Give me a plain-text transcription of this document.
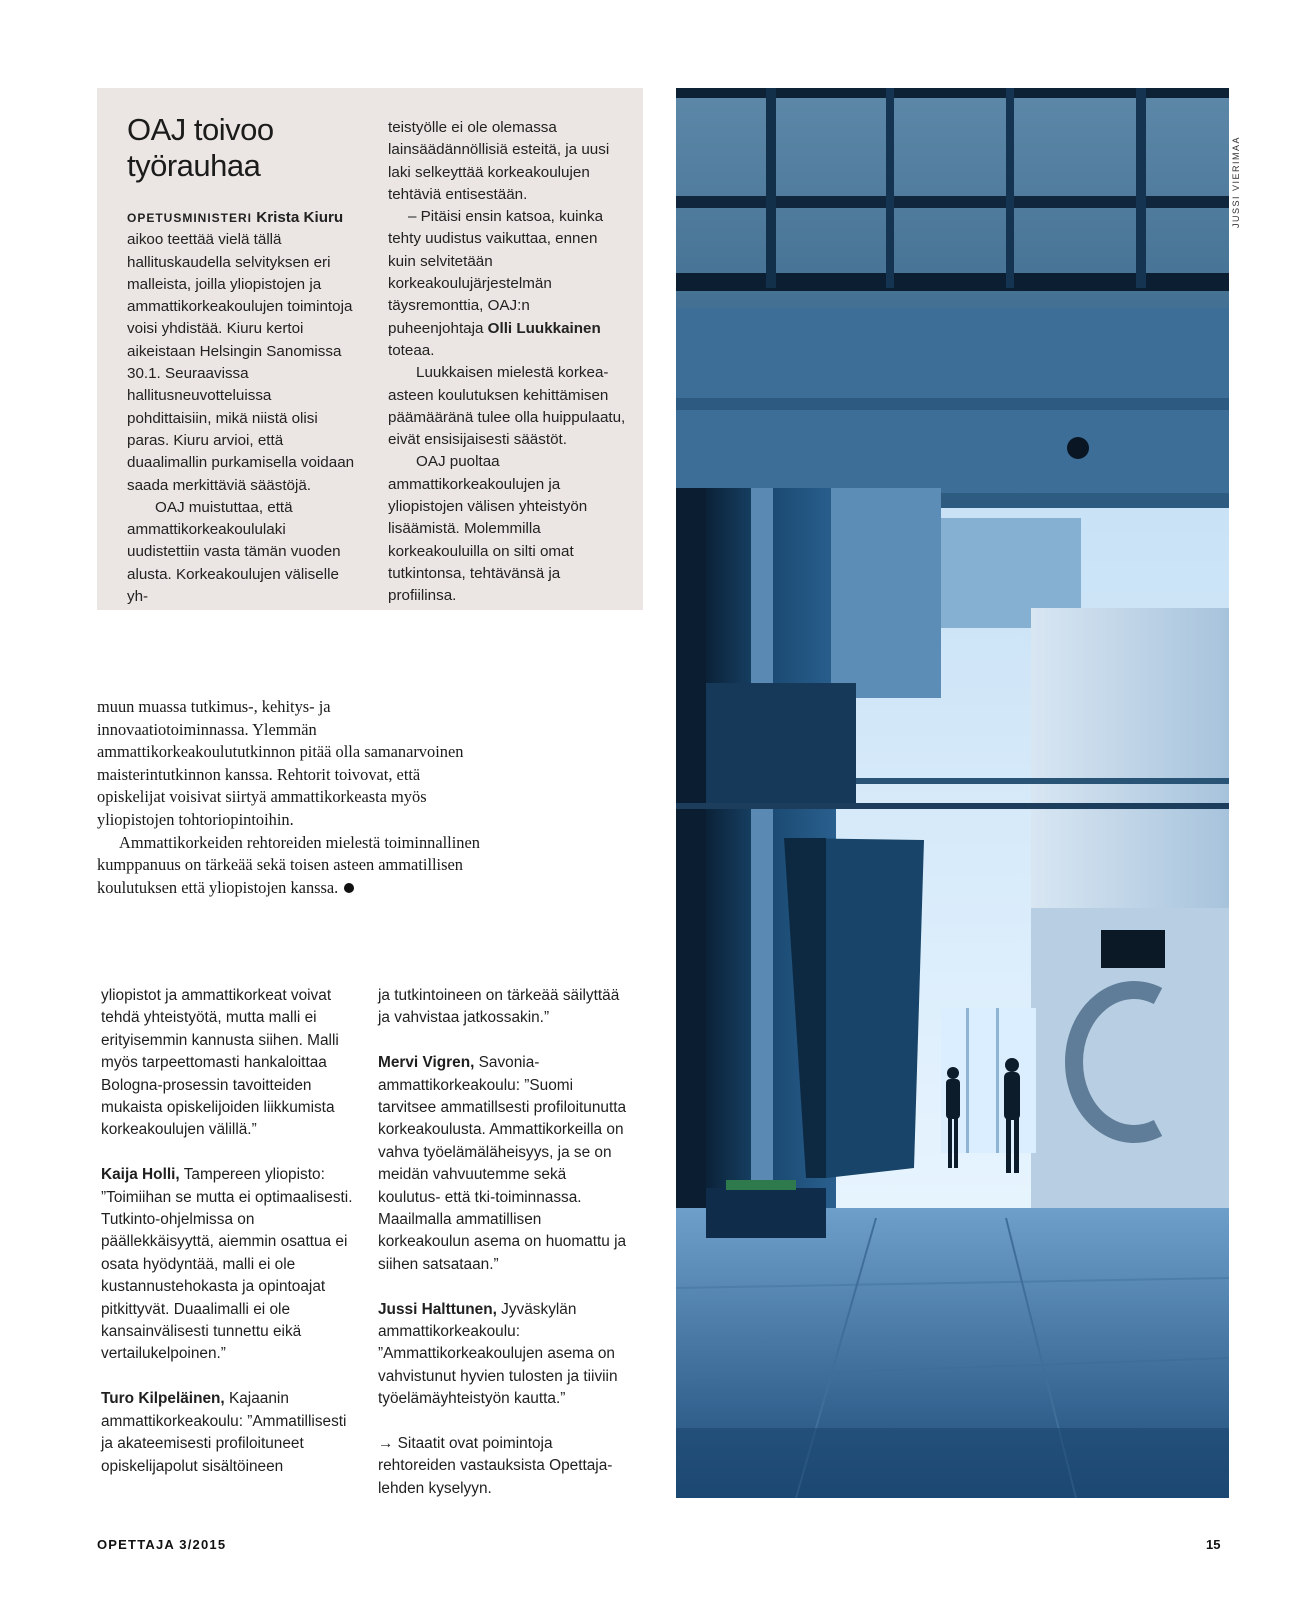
OAJ toivoo työrauhaa

OPETUSMINISTERI Krista Kiuru aikoo teettää vielä tällä hallituskaudella selvityksen eri malleista, joilla yliopistojen ja ammattikorkeakoulujen toimintoja voisi yhdistää. Kiuru kertoi aikeistaan Helsingin Sanomissa 30.1. Seuraavissa hallitusneuvotteluissa pohdittaisiin, mikä niistä olisi paras. Kiuru arvioi, että duaalimallin purkamisella voidaan saada merkittäviä säästöjä.

OAJ muistuttaa, että ammattikorkeakoululaki uudistettiin vasta tämän vuoden alusta. Korkeakoulujen väliselle yh-

teistyölle ei ole olemassa lainsäädännöllisiä esteitä, ja uusi laki selkeyttää korkeakoulujen tehtäviä entisestään.

– Pitäisi ensin katsoa, kuinka tehty uudistus vaikuttaa, ennen kuin selvitetään korkeakoulujärjestelmän täysremonttia, OAJ:n puheenjohtaja Olli Luukkainen toteaa.

Luukkaisen mielestä korkea-asteen koulutuksen kehittämisen päämääränä tulee olla huippulaatu, eivät ensisijaisesti säästöt.

OAJ puoltaa ammattikorkeakoulujen ja yliopistojen välisen yhteistyön lisäämistä. Molemmilla korkeakouluilla on silti omat tutkintonsa, tehtävänsä ja profiilinsa.

muun muassa tutkimus-, kehitys- ja innovaatiotoiminnassa. Ylemmän ammattikorkeakoulututkinnon pitää olla samanarvoinen maisterintutkinnon kanssa. Rehtorit toivovat, että opiskelijat voisivat siirtyä ammattikorkeasta myös yliopistojen tohtoriopintoihin.

Ammattikorkeiden rehtoreiden mielestä toiminnallinen kumppanuus on tärkeää sekä toisen asteen ammatillisen koulutuksen että yliopistojen kanssa.

yliopistot ja ammattikorkeat voivat tehdä yhteistyötä, mutta malli ei erityisemmin kannusta siihen. Malli myös tarpeettomasti hankaloittaa Bologna-prosessin tavoitteiden mukaista opiskelijoiden liikkumista korkeakoulujen välillä.”

Kaija Holli, Tampereen yliopisto: ”Toimiihan se mutta ei optimaalisesti. Tutkinto-ohjelmissa on päällekkäisyyttä, aiemmin osattua ei osata hyödyntää, malli ei ole kustannustehokasta ja opintoajat pitkittyvät. Duaalimalli ei ole kansainvälisesti tunnettu eikä vertailukelpoinen.”

Turo Kilpeläinen, Kajaanin ammattikorkeakoulu: ”Ammatillisesti ja akateemisesti profiloituneet opiskelijapolut sisältöineen

ja tutkintoineen on tärkeää säilyttää ja vahvistaa jatkossakin.”

Mervi Vigren, Savonia-ammattikorkeakoulu: ”Suomi tarvitsee ammatillsesti profiloitunutta korkeakoulusta. Ammattikorkeilla on vahva työelämäläheisyys, ja se on meidän vahvuutemme sekä koulutus- että tki-toiminnassa. Maailmalla ammatillisen korkeakoulun asema on huomattu ja siihen satsataan.”

Jussi Halttunen, Jyväskylän ammattikorkeakoulu: ”Ammattikorkeakoulujen asema on vahvistunut hyvien tulosten ja tiiviin työelämäyhteistyön kautta.”

→ Sitaatit ovat poimintoja rehtoreiden vastauksista Opettaja-lehden kyselyyn.

JUSSI VIERIMAA
OPETTAJA 3/2015	15
